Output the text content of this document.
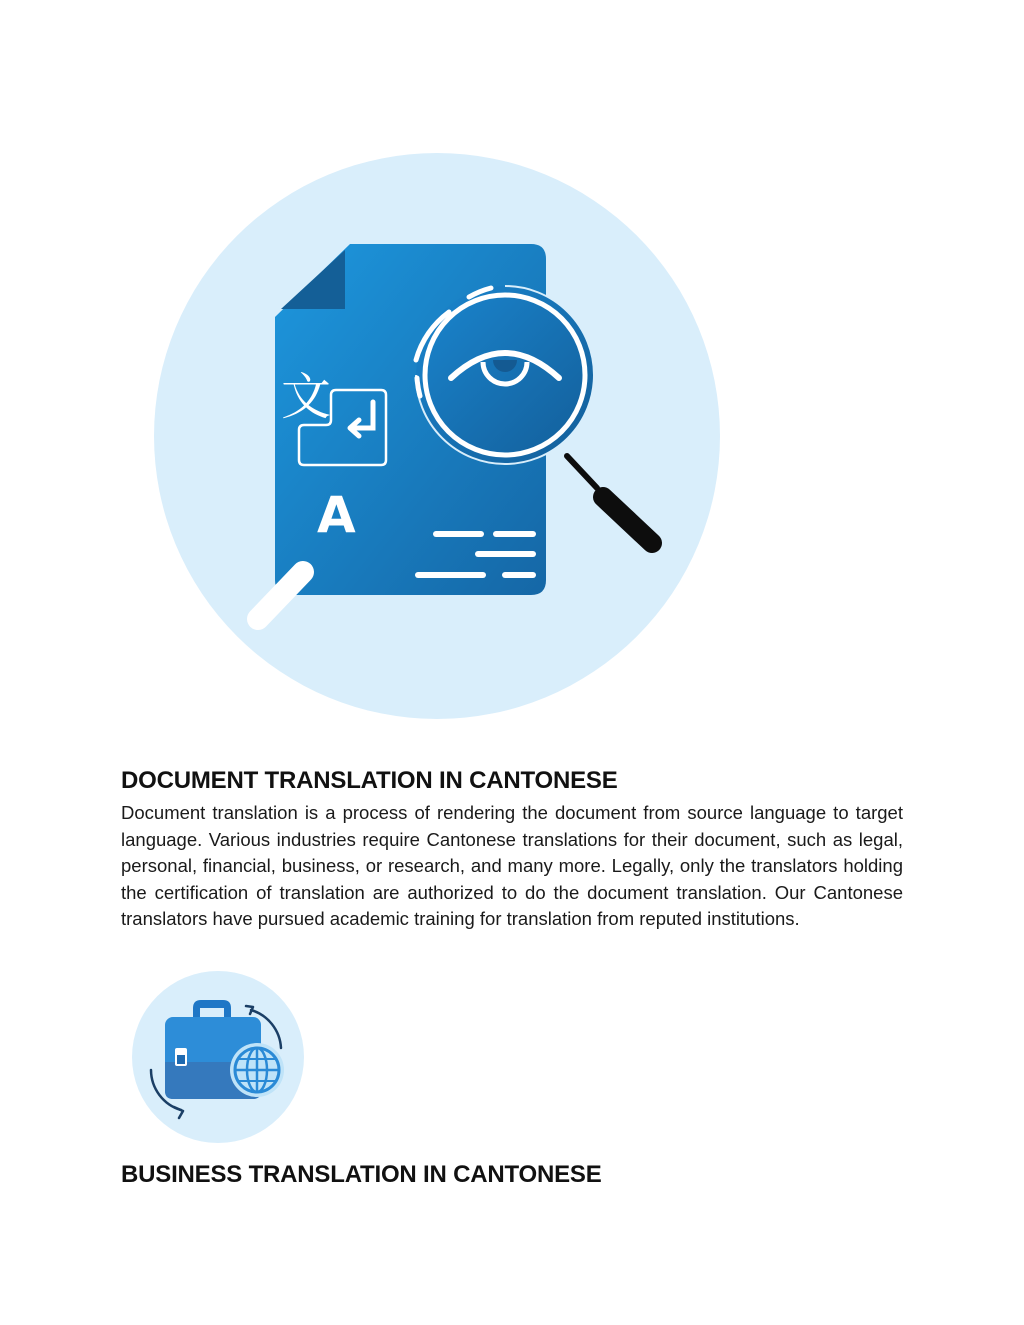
文
A
DOCUMENT TRANSLATION IN CANTONESE

Document translation is a process of rendering the document from source language to target language. Various industries require Cantonese translations for their document, such as legal, personal, financial, business, or research, and many more. Legally, only the translators holding the certification of translation are authorized to do the document translation. Our Cantonese translators have pursued academic training for translation from reputed institutions.

BUSINESS TRANSLATION IN CANTONESE
